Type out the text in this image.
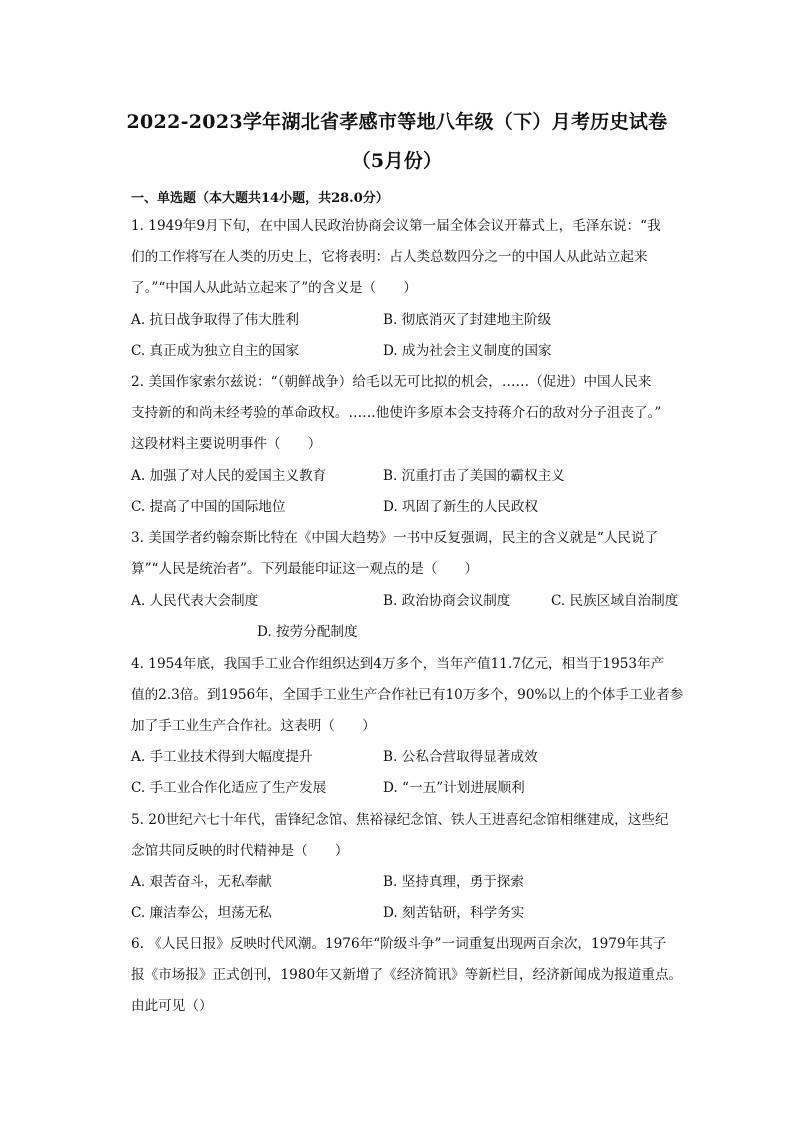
2022-2023学年湖北省孝感市等地八年级（下）月考历史试卷
（5月份）
一、单选题（本大题共14小题，共28.0分）
1. 1949年9月下旬，在中国人民政治协商会议第一届全体会议开幕式上，毛泽东说：“我
们的工作将写在人类的历史上，它将表明：占人类总数四分之一的中国人从此站立起来
了。”“中国人从此站立起来了”的含义是（　　）
A. 抗日战争取得了伟大胜利	B. 彻底消灭了封建地主阶级
C. 真正成为独立自主的国家	D. 成为社会主义制度的国家
2. 美国作家索尔兹说：“（朝鲜战争）给毛以无可比拟的机会，……（促进）中国人民来
支持新的和尚未经考验的革命政权。……他使许多原本会支持蒋介石的敌对分子沮丧了。”
这段材料主要说明事件（　　）
A. 加强了对人民的爱国主义教育	B. 沉重打击了美国的霸权主义
C. 提高了中国的国际地位	D. 巩固了新生的人民政权
3. 美国学者约翰奈斯比特在《中国大趋势》一书中反复强调，民主的含义就是“人民说了
算”“人民是统治者”。下列最能印证这一观点的是（　　）
A. 人民代表大会制度	B. 政治协商会议制度	C. 民族区域自治制度
D. 按劳分配制度
4. 1954年底，我国手工业合作组织达到4万多个，当年产值11.7亿元，相当于1953年产
值的2.3倍。到1956年，全国手工业生产合作社已有10万多个，90%以上的个体手工业者参
加了手工业生产合作社。这表明（　　）
A. 手工业技术得到大幅度提升	B. 公私合营取得显著成效
C. 手工业合作化适应了生产发展	D. “一五”计划进展顺利
5. 20世纪六七十年代，雷锋纪念馆、焦裕禄纪念馆、铁人王进喜纪念馆相继建成，这些纪
念馆共同反映的时代精神是（　　）
A. 艰苦奋斗，无私奉献	B. 坚持真理，勇于探索
C. 廉洁奉公，坦荡无私	D. 刻苦钻研，科学务实
6. 《人民日报》反映时代风潮。1976年“阶级斗争”一词重复出现两百余次，1979年其子
报《市场报》正式创刊，1980年又新增了《经济简讯》等新栏目，经济新闻成为报道重点。
由此可见（）
